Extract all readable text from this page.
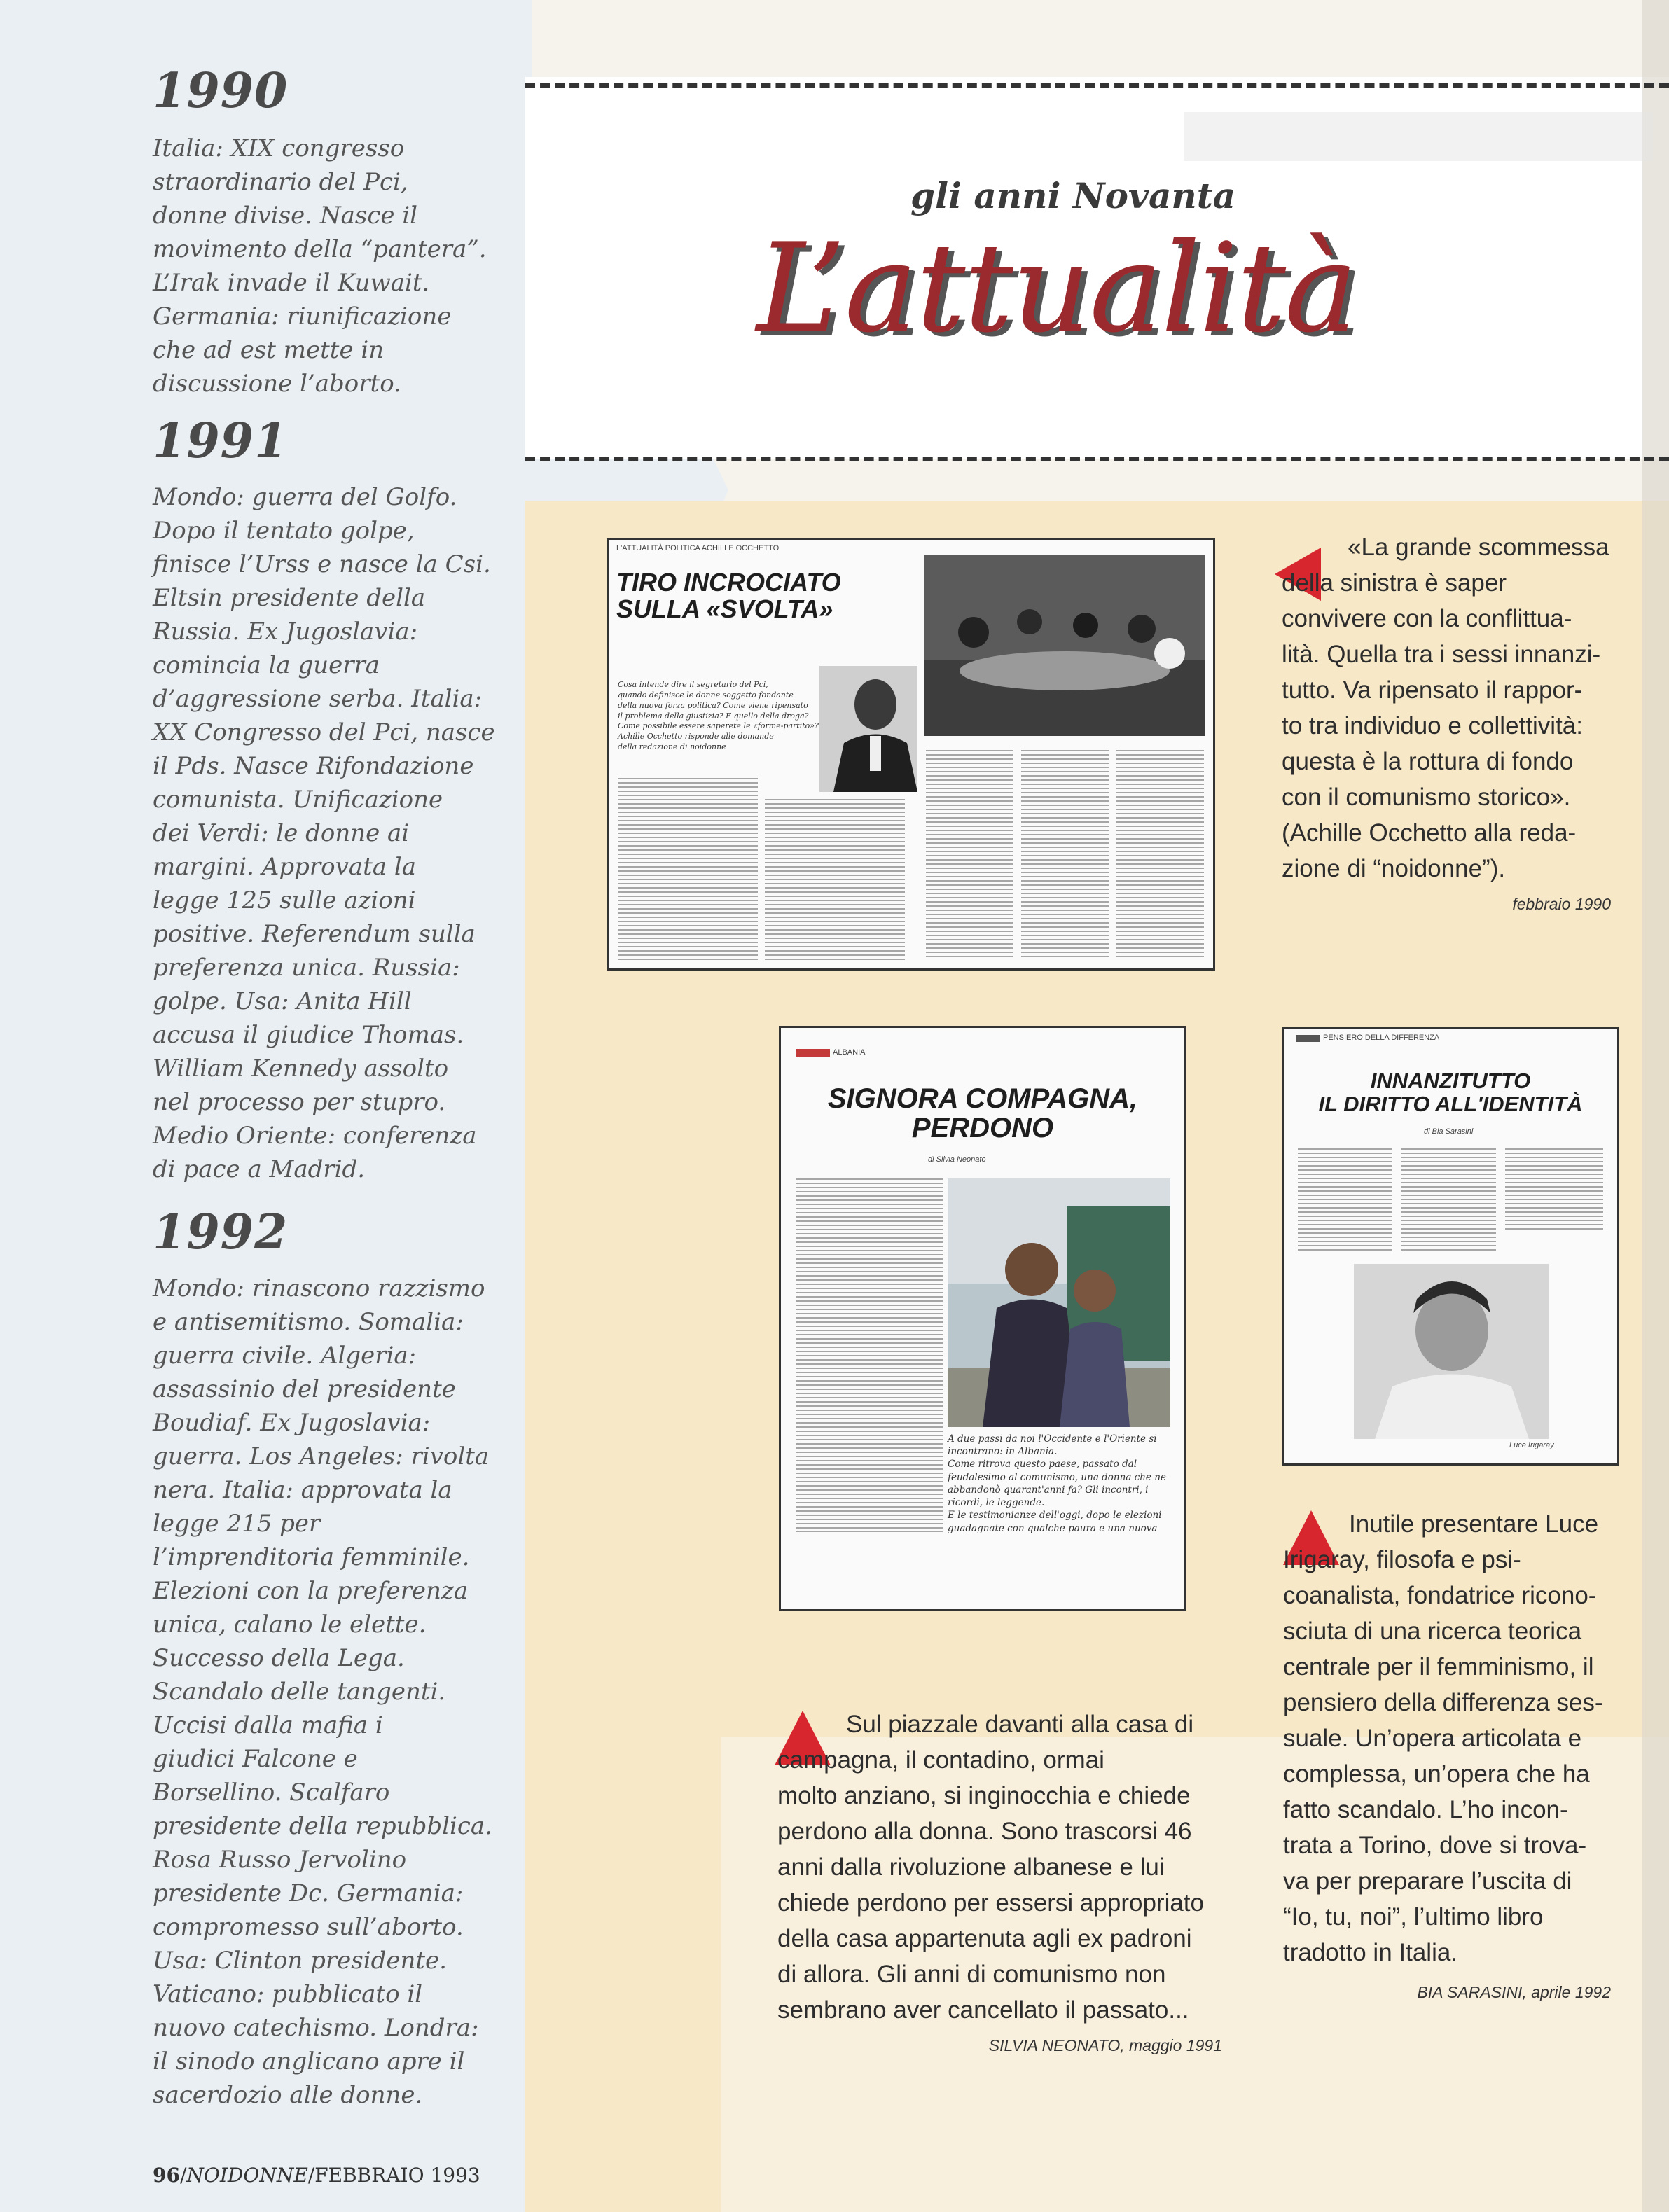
1990
Italia: XIX congresso
straordinario del Pci,
donne divise. Nasce il
movimento della “pantera”.
L’Irak invade il Kuwait.
Germania: riunificazione
che ad est mette in
discussione l’aborto.
1991
Mondo: guerra del Golfo.
Dopo il tentato golpe,
finisce l’Urss e nasce la Csi.
Eltsin presidente della
Russia. Ex Jugoslavia:
comincia la guerra
d’aggressione serba. Italia:
XX Congresso del Pci, nasce
il Pds. Nasce Rifondazione
comunista. Unificazione
dei Verdi: le donne ai
margini. Approvata la
legge 125 sulle azioni
positive. Referendum sulla
preferenza unica. Russia:
golpe. Usa: Anita Hill
accusa il giudice Thomas.
William Kennedy assolto
nel processo per stupro.
Medio Oriente: conferenza
di pace a Madrid.
1992
Mondo: rinascono razzismo
e antisemitismo. Somalia:
guerra civile. Algeria:
assassinio del presidente
Boudiaf. Ex Jugoslavia:
guerra. Los Angeles: rivolta
nera. Italia: approvata la
legge 215 per
l’imprenditoria femminile.
Elezioni con la preferenza
unica, calano le elette.
Successo della Lega.
Scandalo delle tangenti.
Uccisi dalla mafia i
giudici Falcone e
Borsellino. Scalfaro
presidente della repubblica.
Rosa Russo Jervolino
presidente Dc. Germania:
compromesso sull’aborto.
Usa: Clinton presidente.
Vaticano: pubblicato il
nuovo catechismo. Londra:
il sinodo anglicano apre il
sacerdozio alle donne.
gli anni Novanta
L’attualità
L'ATTUALITÀ POLITICA ACHILLE OCCHETTO
TIRO INCROCIATO
SULLA «SVOLTA»
Cosa intende dire il segretario del Pci,
quando definisce le donne soggetto fondante
della nuova forza politica? Come viene ripensato
il problema della giustizia? E quello della droga?
Come possibile essere saperete le «forme-partito»?
Achille Occhetto risponde alle domande
della redazione di noidonne
«La grande scommessa
della sinistra è saper
convivere con la conflittua-
lità. Quella tra i sessi innanzi-
tutto. Va ripensato il rappor-
to tra individuo e collettività:
questa è la rottura di fondo
con il comunismo storico».
(Achille Occhetto alla reda-
zione di “noidonne”).
febbraio 1990
ALBANIA
SIGNORA COMPAGNA,
PERDONO
di Silvia Neonato
A due passi da noi l'Occidente e l'Oriente si
incontrano: in Albania.
Come ritrova questo paese, passato dal
feudalesimo al comunismo, una donna che ne
abbandonò quarant'anni fa? Gli incontri, i
ricordi, le leggende.
E le testimonianze dell'oggi, dopo le elezioni
guadagnate con qualche paura e una nuova
Sul piazzale davanti alla casa di
campagna, il contadino, ormai
molto anziano, si inginocchia e chiede
perdono alla donna. Sono trascorsi 46
anni dalla rivoluzione albanese e lui
chiede perdono per essersi appropriato
della casa appartenuta agli ex padroni
di allora. Gli anni di comunismo non
sembrano aver cancellato il passato...
SILVIA NEONATO, maggio 1991
PENSIERO DELLA DIFFERENZA
INNANZITUTTO
IL DIRITTO ALL'IDENTITÀ
di Bia Sarasini
Luce Irigaray
Inutile presentare Luce
Irigaray, filosofa e psi-
coanalista, fondatrice ricono-
sciuta di una ricerca teorica
centrale per il femminismo, il
pensiero della differenza ses-
suale. Un’opera articolata e
complessa, un’opera che ha
fatto scandalo. L’ho incon-
trata a Torino, dove si trova-
va per preparare l’uscita di
“Io, tu, noi”, l’ultimo libro
tradotto in Italia.
BIA SARASINI, aprile 1992
96/NOIDONNE/FEBBRAIO 1993
